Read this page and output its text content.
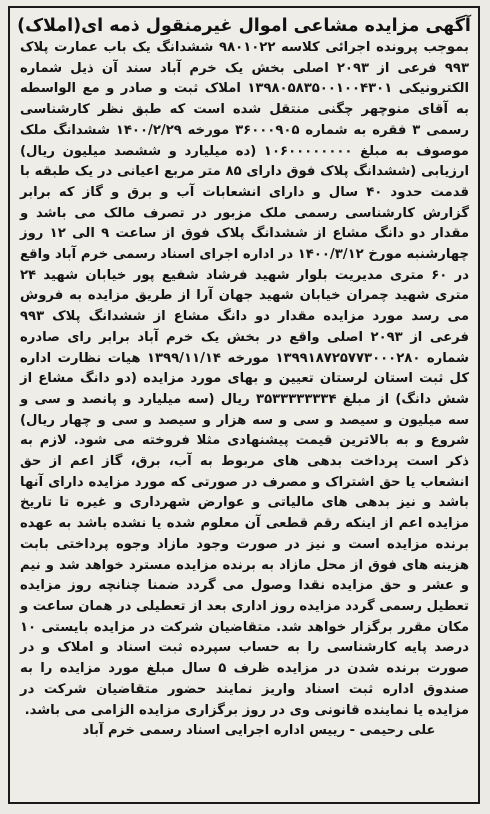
آگهی مزایده مشاعی اموال غیرمنقول ذمه ای(املاک)

بموجب پرونده اجرائی کلاسه ۹۸۰۱۰۲۲ ششدانگ یک باب عمارت پلاک ۹۹۳ فرعی از ۲۰۹۳ اصلی بخش یک خرم آباد سند آن ذیل شماره الکترونیکی ۱۳۹۸۰۵۸۳۵۰۰۱۰۰۴۳۰۱ املاک ثبت و صادر و مع الواسطه به آقای منوچهر چگنی منتقل شده است که طبق نظر کارشناسی رسمی ۳ فقره به شماره ۳۶۰۰۰۹۰۵ مورخه ۱۴۰۰/۲/۲۹ ششدانگ ملک موصوف به مبلغ ۱۰۶۰۰۰۰۰۰۰۰ (ده میلیارد و ششصد میلیون ریال) ارزیابی (ششدانگ پلاک فوق دارای ۸۵ متر مربع اعیانی در یک طبقه با قدمت حدود ۴۰ سال و دارای انشعابات آب و برق و گاز که برابر گزارش کارشناسی رسمی ملک مزبور در تصرف مالک می باشد و مقدار دو دانگ مشاع از ششدانگ پلاک فوق از ساعت ۹ الی ۱۲ روز چهارشنبه مورخ ۱۴۰۰/۳/۱۲ در اداره اجرای اسناد رسمی خرم آباد واقع در ۶۰ متری مدیریت بلوار شهید فرشاد شفیع پور خیابان شهید ۲۴ متری شهید چمران خیابان شهید جهان آرا از طریق مزایده به فروش می رسد مورد مزایده مقدار دو دانگ مشاع از ششدانگ پلاک ۹۹۳ فرعی از ۲۰۹۳ اصلی واقع در بخش یک خرم آباد برابر رای صادره شماره ۱۳۹۹۱۸۷۲۵۷۷۳۰۰۰۲۸۰ مورخه ۱۳۹۹/۱۱/۱۴ هیات نظارت اداره کل ثبت استان لرستان تعیین و بهای مورد مزایده (دو دانگ مشاع از شش دانگ) از مبلغ ۳۵۳۳۳۳۳۳۳۴ ریال (سه میلیارد و پانصد و سی و سه میلیون و سیصد و سی و سه هزار و سیصد و سی و چهار ریال) شروع و به بالاترین قیمت پیشنهادی مثلا فروخته می شود. لازم به ذکر است پرداخت بدهی های مربوط به آب، برق، گاز اعم از حق انشعاب یا حق اشتراک و مصرف در صورتی که مورد مزایده دارای آنها باشد و نیز بدهی های مالیاتی و عوارض شهرداری و غیره تا تاریخ مزایده اعم از اینکه رقم قطعی آن معلوم شده یا نشده باشد به عهده برنده مزایده است و نیز در صورت وجود مازاد وجوه پرداختی بابت هزینه های فوق از محل مازاد به برنده مزایده مسترد خواهد شد و نیم و عشر و حق مزایده نقدا وصول می گردد ضمنا چنانچه روز مزایده تعطیل رسمی گردد مزایده روز اداری بعد از تعطیلی در همان ساعت و مکان مقرر برگزار خواهد شد. متقاضیان شرکت در مزایده بایستی ۱۰ درصد پایه کارشناسی را به حساب سپرده ثبت اسناد و املاک و در صورت برنده شدن در مزایده ظرف ۵ سال مبلغ مورد مزایده را به صندوق اداره ثبت اسناد واریز نمایند حضور متقاضیان شرکت در مزایده یا نماینده قانونی وی در روز برگزاری مزایده الزامی می باشد.

علی رحیمی - رییس اداره اجرایی اسناد رسمی خرم آباد
